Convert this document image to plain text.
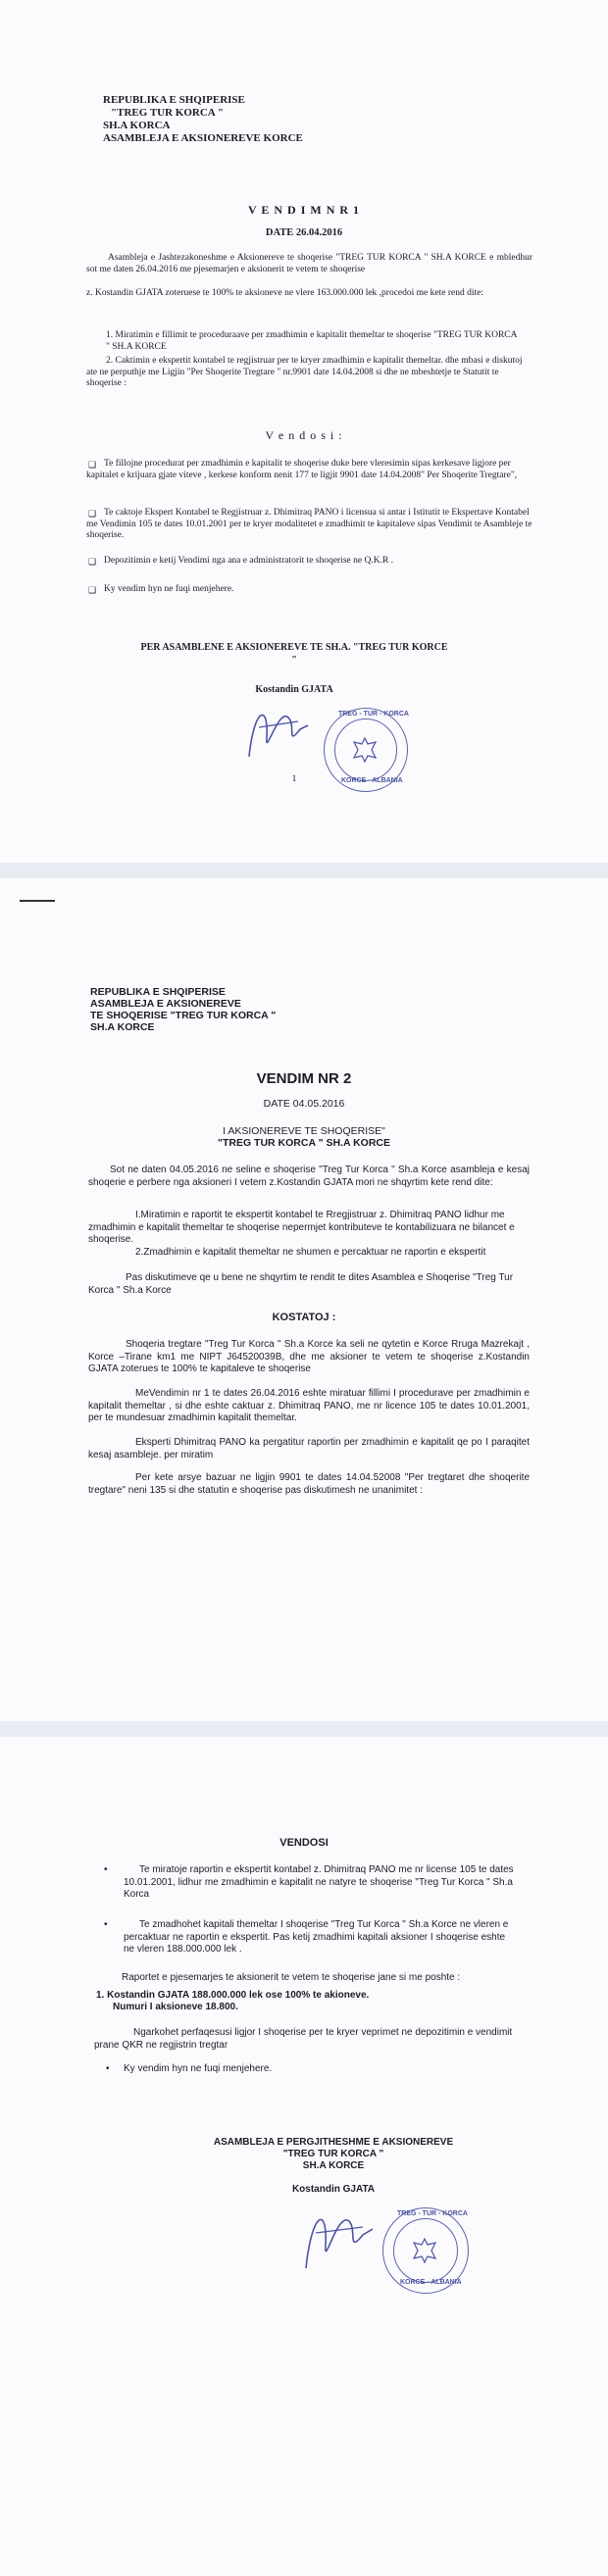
REPUBLIKA E SHQIPERISE
"TREG TUR KORCA "
SH.A KORCA
ASAMBLEJA E AKSIONEREVE KORCE
V E N D I M N R 1
DATE 26.04.2016
Asambleja e Jashtezakoneshme e Aksionereve te shoqerise "TREG TUR KORCA " SH.A KORCE e mbledhur sot me daten 26.04.2016 me pjesemarjen e aksionerit te vetem te shoqerise
z. Kostandin GJATA zoteruese te 100% te aksioneve ne vlere 163.000.000 lek ,procedoi me kete rend dite:
1. Miratimin e fillimit te proceduraave per zmadhimin e kapitalit themeltar te shoqerise "TREG TUR KORCA " SH.A KORCE
2. Caktimin e ekspertit kontabel te regjistruar per te kryer zmadhimin e kapitalit themeltar. dhe mbasi e diskutoj ate ne perputhje me Ligjin "Per Shoqerite Tregtare " nr.9901 date 14.04.2008 si dhe ne mbeshtetje te Statutit te shoqerise :
V e n d o s i :
❑ Te fillojne procedurat per zmadhimin e kapitalit te shoqerise duke bere vleresimin sipas kerkesave ligjore per kapitalet e krijuara gjate viteve , kerkese konform nenit 177 te ligjit 9901 date 14.04.2008" Per Shoqerite Tregtare",
❑ Te caktoje Ekspert Kontabel te Regjistruar z. Dhimitraq PANO i licensua si antar i Istitutit te Ekspertave Kontabel me Vendimin 105 te dates 10.01.2001 per te kryer modalitetet e zmadhimit te kapitaleve sipas Vendimit te Asambleje te shoqerise.
❑ Depozitimin e ketij Vendimi nga ana e administratorit te shoqerise ne Q.K.R .
❑ Ky vendim hyn ne fuqi menjehere.
PER ASAMBLENE E AKSIONEREVE TE SH.A. "TREG TUR KORCE "
Kostandin GJATA
TREG - TUR - KORCA
KORCE - ALBANIA
1
REPUBLIKA E SHQIPERISE
ASAMBLEJA E AKSIONEREVE
TE SHOQERISE "TREG TUR KORCA "
SH.A KORCE
VENDIM NR 2
DATE 04.05.2016
I AKSIONEREVE TE SHOQERISE"
"TREG TUR KORCA " SH.A KORCE
Sot ne daten 04.05.2016 ne seline e shoqerise "Treg Tur Korca " Sh.a Korce asambleja e kesaj shoqerie e perbere nga aksioneri I vetem z.Kostandin GJATA mori ne shqyrtim kete rend dite:
I.Miratimin e raportit te ekspertit kontabel te Rregjistruar z. Dhimitraq PANO lidhur me zmadhimin e kapitalit themeltar te shoqerise nepermjet kontributeve te kontabilizuara ne bilancet e shoqerise.
2.Zmadhimin e kapitalit themeltar ne shumen e percaktuar ne raportin e ekspertit
Pas diskutimeve qe u bene ne shqyrtim te rendit te dites Asamblea e Shoqerise "Treg Tur Korca " Sh.a Korce
KOSTATOJ :
Shoqeria tregtare "Treg Tur Korca " Sh.a Korce ka seli ne qytetin e Korce Rruga Mazrekajt , Korce –Tirane km1 me NIPT J64520039B, dhe me aksioner te vetem te shoqerise z.Kostandin GJATA zoterues te 100% te kapitaleve te shoqerise
MeVendimin nr 1 te dates 26.04.2016 eshte miratuar fillimi I procedurave per zmadhimin e kapitalit themeltar , si dhe eshte caktuar z. Dhimitraq PANO, me nr licence 105 te dates 10.01.2001, per te mundesuar zmadhimin kapitalit themeltar.
Eksperti Dhimitraq PANO ka pergatitur raportin per zmadhimin e kapitalit qe po I paraqitet kesaj asambleje. per miratim
Per kete arsye bazuar ne ligjin 9901 te dates 14.04.52008 "Per tregtaret dhe shoqerite tregtare" neni 135 si dhe statutin e shoqerise pas diskutimesh ne unanimitet :
VENDOSI
•	Te miratoje raportin e ekspertit kontabel z. Dhimitraq PANO me nr license 105 te dates 10.01.2001, lidhur me zmadhimin e kapitalit ne natyre te shoqerise "Treg Tur Korca " Sh.a Korca
•	Te zmadhohet kapitali themeltar I shoqerise "Treg Tur Korca " Sh.a Korce ne vleren e percaktuar ne raportin e ekspertit. Pas ketij zmadhimi kapitali aksioner I shoqerise eshte ne vleren 188.000.000 lek .
Raportet e pjesemarjes te aksionerit te vetem te shoqerise jane si me poshte :
1. Kostandin GJATA 188.000.000 lek ose 100% te akioneve.
Numuri I aksioneve 18.800.
Ngarkohet perfaqesusi ligjor I shoqerise per te kryer veprimet ne depozitimin e vendimit prane QKR ne regjistrin tregtar
• Ky vendim hyn ne fuqi menjehere.
ASAMBLEJA E PERGJITHESHME E AKSIONEREVE
"TREG TUR KORCA "
SH.A KORCE
Kostandin GJATA
TREG - TUR - KORCA
KORCE - ALBANIA
